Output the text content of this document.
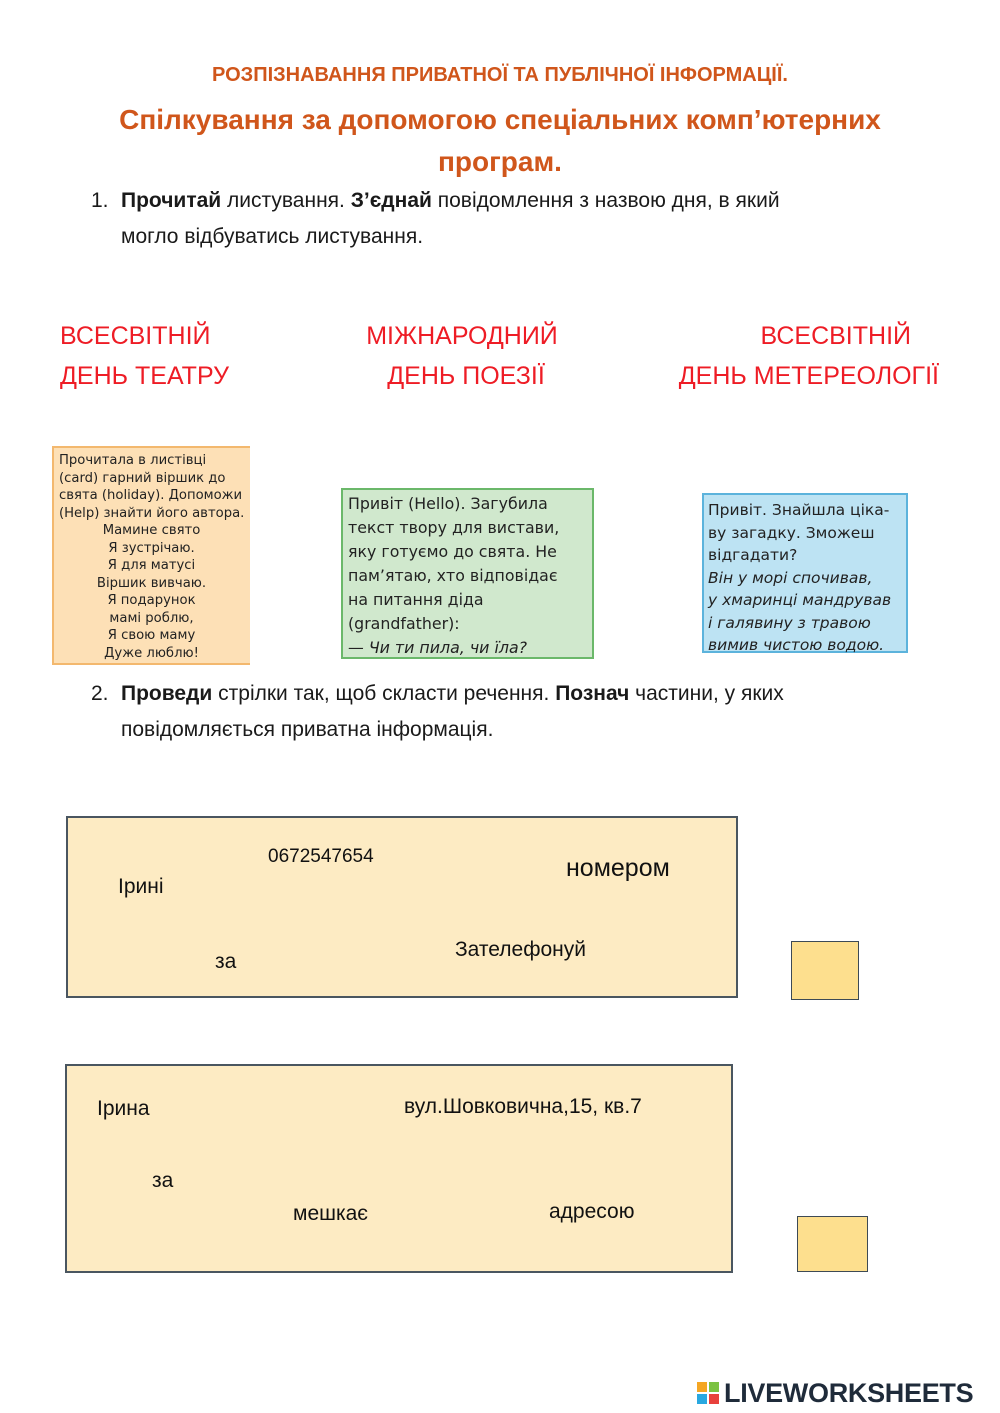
РОЗПІЗНАВАННЯ ПРИВАТНОЇ ТА ПУБЛІЧНОЇ ІНФОРМАЦІЇ.
Спілкування за допомогою спеціальних комп’ютерних програм.
1. Прочитай листування. З’єднай повідомлення з назвою дня, в який
могло відбуватись листування.
ВСЕСВІТНІЙ
ДЕНЬ ТЕАТРУ
МІЖНАРОДНИЙ
ДЕНЬ ПОЕЗІЇ
ВСЕСВІТНІЙ
ДЕНЬ МЕТЕРЕОЛОГІЇ
Прочитала в листівці
(card) гарний віршик до
свята (holiday). Допоможи
(Help) знайти його автора.
Мамине свято
Я зустрічаю.
Я для матусі
Віршик вивчаю.
Я подарунок
мамі роблю,
Я свою маму
Дуже люблю!
Привіт (Hello). Загубила
текст твору для вистави,
яку готуємо до свята. Не
пам’ятаю, хто відповідає
на питання діда
(grandfather):
— Чи ти пила, чи їла?
Привіт. Знайшла ціка-
ву загадку. Зможеш
відгадати?
Він у морі спочивав,
у хмаринці мандрував
і галявину з травою
вимив чистою водою.
2. Проведи стрілки так, щоб скласти речення. Познач частини, у яких
повідомляється приватна інформація.
0672547654
Ірині
номером
за
Зателефонуй
Ірина	вул.Шовковична,15, кв.7
за
мешкає	адресою
LIVEWORKSHEETS
